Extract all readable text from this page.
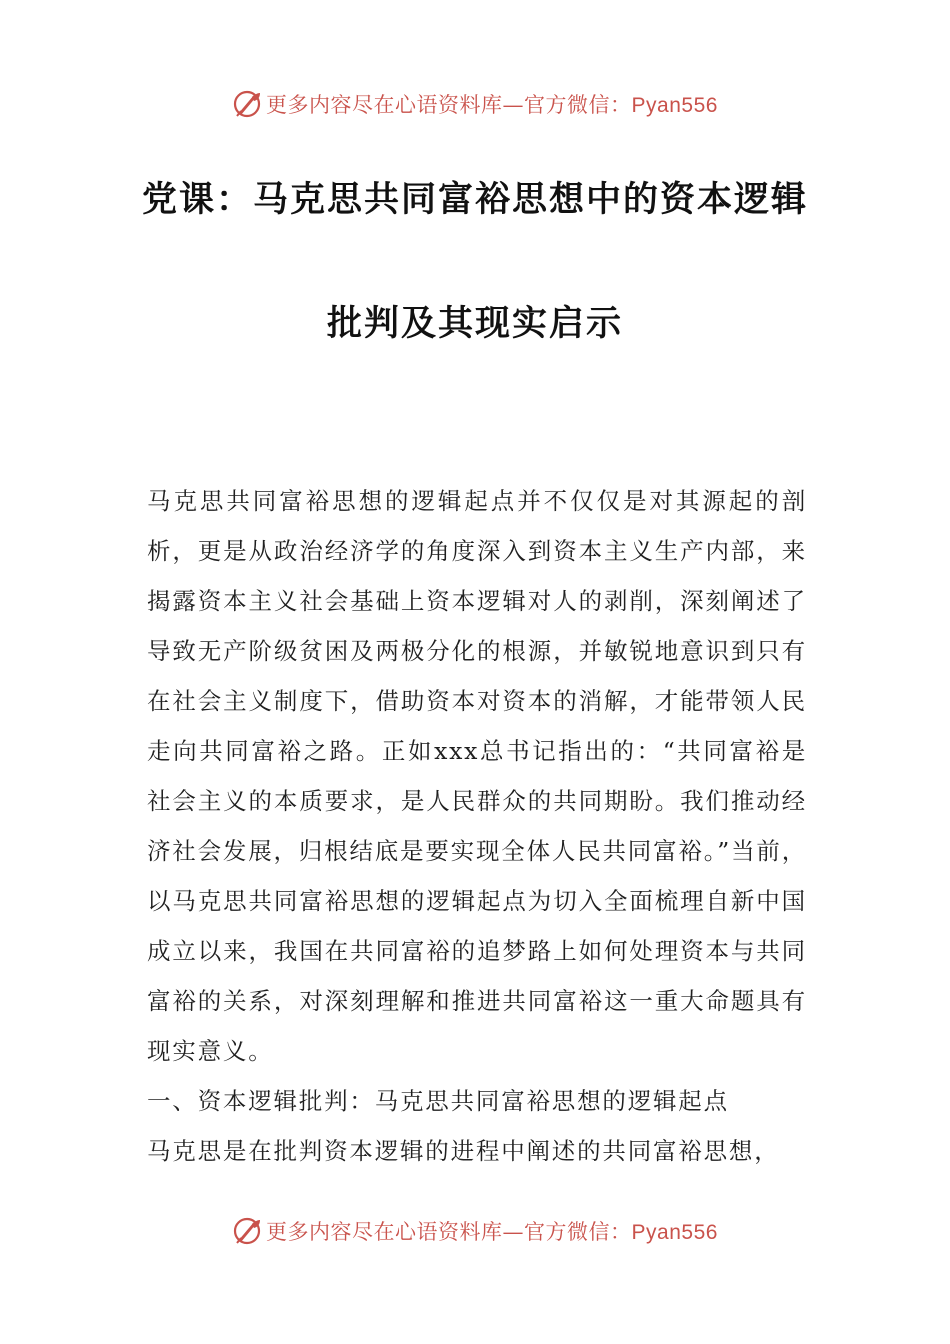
更多内容尽在心语资料库—官方微信：Pyan556
党课：马克思共同富裕思想中的资本逻辑
批判及其现实启示

马克思共同富裕思想的逻辑起点并不仅仅是对其源起的剖析，更是从政治经济学的角度深入到资本主义生产内部，来揭露资本主义社会基础上资本逻辑对人的剥削，深刻阐述了导致无产阶级贫困及两极分化的根源，并敏锐地意识到只有在社会主义制度下，借助资本对资本的消解，才能带领人民走向共同富裕之路。正如xxx总书记指出的：“共同富裕是社会主义的本质要求，是人民群众的共同期盼。我们推动经济社会发展，归根结底是要实现全体人民共同富裕。”当前，以马克思共同富裕思想的逻辑起点为切入全面梳理自新中国成立以来，我国在共同富裕的追梦路上如何处理资本与共同富裕的关系，对深刻理解和推进共同富裕这一重大命题具有现实意义。

一、资本逻辑批判：马克思共同富裕思想的逻辑起点

马克思是在批判资本逻辑的进程中阐述的共同富裕思想，

更多内容尽在心语资料库—官方微信：Pyan556
